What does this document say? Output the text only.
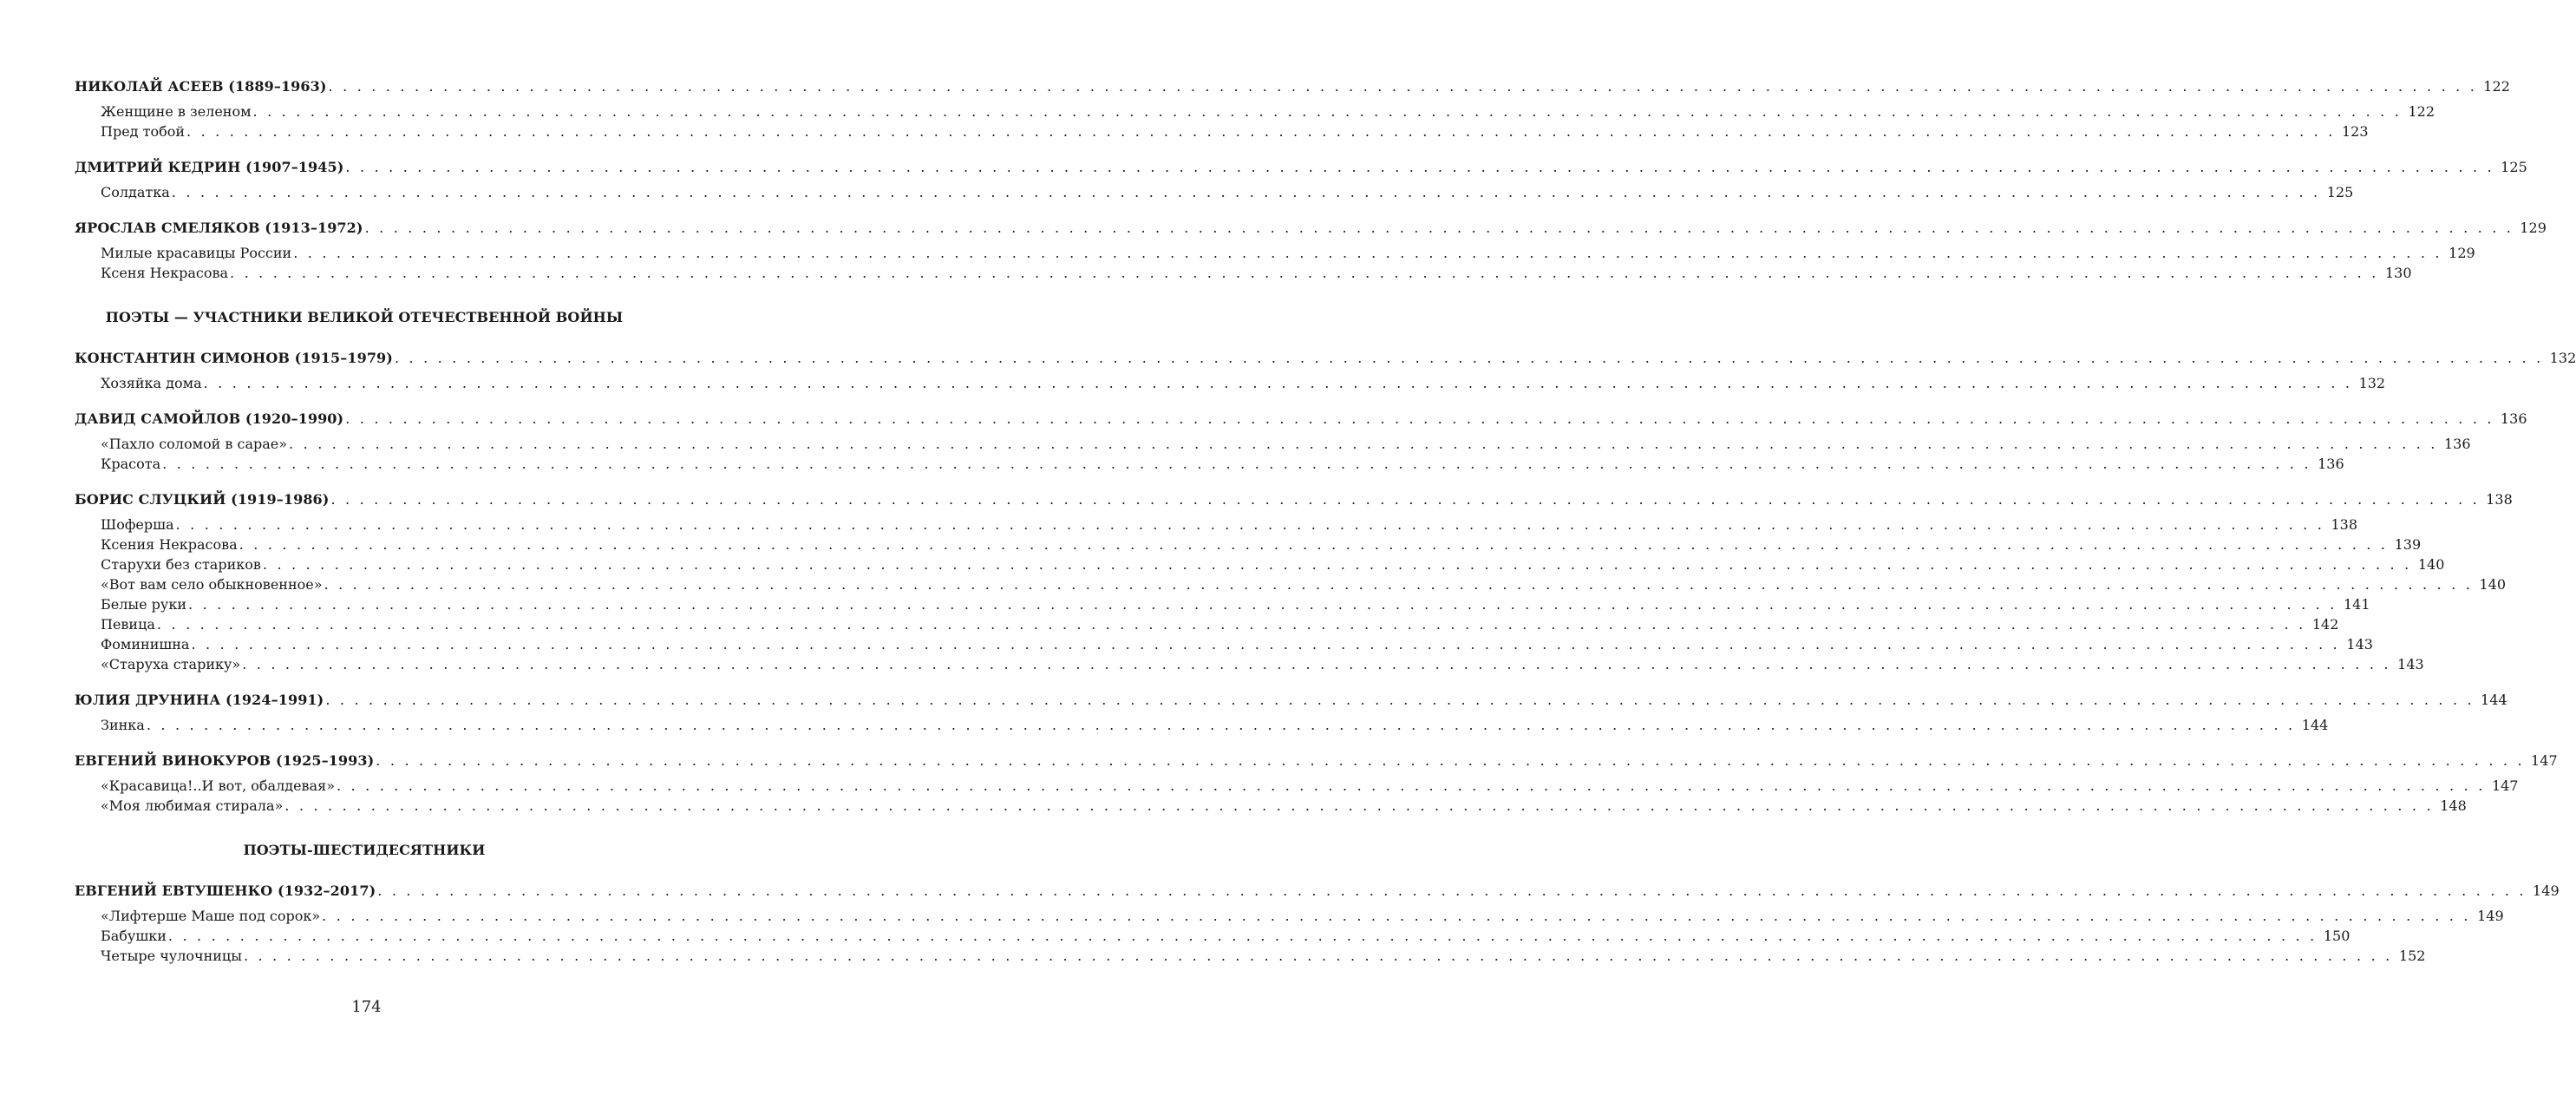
НИКОЛАЙ АСЕЕВ (1889–1963) . . . . . . . . . . . . . . . . . . . . . . . . . . . . . . . . . . . . . . . . . . . . . . . . . . . . . . . . . . . . . . . . . . . . . . . . . . . . . . . . . . . . . . . . . . . . . . . . . . . . . . . . . . . . . . . . . . . . . . . . . . . . . . . . . . . . . . . . . . . . . . . . . . . . . . 122
Женщине в зеленом . . . . . . . . . . . . . . . . . . . . . . . . . . . . . . . . . . . . . . . . . . . . . . . . . . . . . . . . . . . . . . . . . . . . . . . . . . . . . . . . . . . . . . . . . . . . . . . . . . . . . . . . . . . . . . . . . . . . . . . . . . . . . . . . . . . . . . . . . . . . . . . . . . . . . . 122
Пред тобой . . . . . . . . . . . . . . . . . . . . . . . . . . . . . . . . . . . . . . . . . . . . . . . . . . . . . . . . . . . . . . . . . . . . . . . . . . . . . . . . . . . . . . . . . . . . . . . . . . . . . . . . . . . . . . . . . . . . . . . . . . . . . . . . . . . . . . . . . . . . . . . . . . . . . . 123
ДМИТРИЙ КЕДРИН (1907–1945) . . . . . . . . . . . . . . . . . . . . . . . . . . . . . . . . . . . . . . . . . . . . . . . . . . . . . . . . . . . . . . . . . . . . . . . . . . . . . . . . . . . . . . . . . . . . . . . . . . . . . . . . . . . . . . . . . . . . . . . . . . . . . . . . . . . . . . . . . . . . . . . . . . . . . . 125
Солдатка . . . . . . . . . . . . . . . . . . . . . . . . . . . . . . . . . . . . . . . . . . . . . . . . . . . . . . . . . . . . . . . . . . . . . . . . . . . . . . . . . . . . . . . . . . . . . . . . . . . . . . . . . . . . . . . . . . . . . . . . . . . . . . . . . . . . . . . . . . . . . . . . . . . . . . 125
ЯРОСЛАВ СМЕЛЯКОВ (1913–1972) . . . . . . . . . . . . . . . . . . . . . . . . . . . . . . . . . . . . . . . . . . . . . . . . . . . . . . . . . . . . . . . . . . . . . . . . . . . . . . . . . . . . . . . . . . . . . . . . . . . . . . . . . . . . . . . . . . . . . . . . . . . . . . . . . . . . . . . . . . . . . . . . . . . . . . 129
Милые красавицы России . . . . . . . . . . . . . . . . . . . . . . . . . . . . . . . . . . . . . . . . . . . . . . . . . . . . . . . . . . . . . . . . . . . . . . . . . . . . . . . . . . . . . . . . . . . . . . . . . . . . . . . . . . . . . . . . . . . . . . . . . . . . . . . . . . . . . . . . . . . . . . . . . . . . . . 129
Ксеня Некрасова . . . . . . . . . . . . . . . . . . . . . . . . . . . . . . . . . . . . . . . . . . . . . . . . . . . . . . . . . . . . . . . . . . . . . . . . . . . . . . . . . . . . . . . . . . . . . . . . . . . . . . . . . . . . . . . . . . . . . . . . . . . . . . . . . . . . . . . . . . . . . . . . . . . . . . 130
ПОЭТЫ — УЧАСТНИКИ ВЕЛИКОЙ ОТЕЧЕСТВЕННОЙ ВОЙНЫ
КОНСТАНТИН СИМОНОВ (1915–1979) . . . . . . . . . . . . . . . . . . . . . . . . . . . . . . . . . . . . . . . . . . . . . . . . . . . . . . . . . . . . . . . . . . . . . . . . . . . . . . . . . . . . . . . . . . . . . . . . . . . . . . . . . . . . . . . . . . . . . . . . . . . . . . . . . . . . . . . . . . . . . . . . . . . . . . 132
Хозяйка дома . . . . . . . . . . . . . . . . . . . . . . . . . . . . . . . . . . . . . . . . . . . . . . . . . . . . . . . . . . . . . . . . . . . . . . . . . . . . . . . . . . . . . . . . . . . . . . . . . . . . . . . . . . . . . . . . . . . . . . . . . . . . . . . . . . . . . . . . . . . . . . . . . . . . . . 132
ДАВИД САМОЙЛОВ (1920–1990) . . . . . . . . . . . . . . . . . . . . . . . . . . . . . . . . . . . . . . . . . . . . . . . . . . . . . . . . . . . . . . . . . . . . . . . . . . . . . . . . . . . . . . . . . . . . . . . . . . . . . . . . . . . . . . . . . . . . . . . . . . . . . . . . . . . . . . . . . . . . . . . . . . . . . . 136
«Пахло соломой в сарае» . . . . . . . . . . . . . . . . . . . . . . . . . . . . . . . . . . . . . . . . . . . . . . . . . . . . . . . . . . . . . . . . . . . . . . . . . . . . . . . . . . . . . . . . . . . . . . . . . . . . . . . . . . . . . . . . . . . . . . . . . . . . . . . . . . . . . . . . . . . . . . . . . . . . . . 136
Красота . . . . . . . . . . . . . . . . . . . . . . . . . . . . . . . . . . . . . . . . . . . . . . . . . . . . . . . . . . . . . . . . . . . . . . . . . . . . . . . . . . . . . . . . . . . . . . . . . . . . . . . . . . . . . . . . . . . . . . . . . . . . . . . . . . . . . . . . . . . . . . . . . . . . . . 136
БОРИС СЛУЦКИЙ (1919–1986) . . . . . . . . . . . . . . . . . . . . . . . . . . . . . . . . . . . . . . . . . . . . . . . . . . . . . . . . . . . . . . . . . . . . . . . . . . . . . . . . . . . . . . . . . . . . . . . . . . . . . . . . . . . . . . . . . . . . . . . . . . . . . . . . . . . . . . . . . . . . . . . . . . . . . . 138
Шоферша . . . . . . . . . . . . . . . . . . . . . . . . . . . . . . . . . . . . . . . . . . . . . . . . . . . . . . . . . . . . . . . . . . . . . . . . . . . . . . . . . . . . . . . . . . . . . . . . . . . . . . . . . . . . . . . . . . . . . . . . . . . . . . . . . . . . . . . . . . . . . . . . . . . . . . 138
Ксения Некрасова . . . . . . . . . . . . . . . . . . . . . . . . . . . . . . . . . . . . . . . . . . . . . . . . . . . . . . . . . . . . . . . . . . . . . . . . . . . . . . . . . . . . . . . . . . . . . . . . . . . . . . . . . . . . . . . . . . . . . . . . . . . . . . . . . . . . . . . . . . . . . . . . . . . . . . 139
Старухи без стариков . . . . . . . . . . . . . . . . . . . . . . . . . . . . . . . . . . . . . . . . . . . . . . . . . . . . . . . . . . . . . . . . . . . . . . . . . . . . . . . . . . . . . . . . . . . . . . . . . . . . . . . . . . . . . . . . . . . . . . . . . . . . . . . . . . . . . . . . . . . . . . . . . . . . . . 140
«Вот вам село обыкновенное» . . . . . . . . . . . . . . . . . . . . . . . . . . . . . . . . . . . . . . . . . . . . . . . . . . . . . . . . . . . . . . . . . . . . . . . . . . . . . . . . . . . . . . . . . . . . . . . . . . . . . . . . . . . . . . . . . . . . . . . . . . . . . . . . . . . . . . . . . . . . . . . . . . . . . . 140
Белые руки . . . . . . . . . . . . . . . . . . . . . . . . . . . . . . . . . . . . . . . . . . . . . . . . . . . . . . . . . . . . . . . . . . . . . . . . . . . . . . . . . . . . . . . . . . . . . . . . . . . . . . . . . . . . . . . . . . . . . . . . . . . . . . . . . . . . . . . . . . . . . . . . . . . . . . 141
Певица . . . . . . . . . . . . . . . . . . . . . . . . . . . . . . . . . . . . . . . . . . . . . . . . . . . . . . . . . . . . . . . . . . . . . . . . . . . . . . . . . . . . . . . . . . . . . . . . . . . . . . . . . . . . . . . . . . . . . . . . . . . . . . . . . . . . . . . . . . . . . . . . . . . . . . 142
Фоминишна . . . . . . . . . . . . . . . . . . . . . . . . . . . . . . . . . . . . . . . . . . . . . . . . . . . . . . . . . . . . . . . . . . . . . . . . . . . . . . . . . . . . . . . . . . . . . . . . . . . . . . . . . . . . . . . . . . . . . . . . . . . . . . . . . . . . . . . . . . . . . . . . . . . . . . 143
«Старуха старику» . . . . . . . . . . . . . . . . . . . . . . . . . . . . . . . . . . . . . . . . . . . . . . . . . . . . . . . . . . . . . . . . . . . . . . . . . . . . . . . . . . . . . . . . . . . . . . . . . . . . . . . . . . . . . . . . . . . . . . . . . . . . . . . . . . . . . . . . . . . . . . . . . . . . . . 143
ЮЛИЯ ДРУНИНА (1924–1991) . . . . . . . . . . . . . . . . . . . . . . . . . . . . . . . . . . . . . . . . . . . . . . . . . . . . . . . . . . . . . . . . . . . . . . . . . . . . . . . . . . . . . . . . . . . . . . . . . . . . . . . . . . . . . . . . . . . . . . . . . . . . . . . . . . . . . . . . . . . . . . . . . . . . . . 144
Зинка . . . . . . . . . . . . . . . . . . . . . . . . . . . . . . . . . . . . . . . . . . . . . . . . . . . . . . . . . . . . . . . . . . . . . . . . . . . . . . . . . . . . . . . . . . . . . . . . . . . . . . . . . . . . . . . . . . . . . . . . . . . . . . . . . . . . . . . . . . . . . . . . . . . . . . 144
ЕВГЕНИЙ ВИНОКУРОВ (1925–1993) . . . . . . . . . . . . . . . . . . . . . . . . . . . . . . . . . . . . . . . . . . . . . . . . . . . . . . . . . . . . . . . . . . . . . . . . . . . . . . . . . . . . . . . . . . . . . . . . . . . . . . . . . . . . . . . . . . . . . . . . . . . . . . . . . . . . . . . . . . . . . . . . . . . . . . 147
«Красавица!..И вот, обалдевая» . . . . . . . . . . . . . . . . . . . . . . . . . . . . . . . . . . . . . . . . . . . . . . . . . . . . . . . . . . . . . . . . . . . . . . . . . . . . . . . . . . . . . . . . . . . . . . . . . . . . . . . . . . . . . . . . . . . . . . . . . . . . . . . . . . . . . . . . . . . . . . . . . . . . . . 147
«Моя любимая стирала» . . . . . . . . . . . . . . . . . . . . . . . . . . . . . . . . . . . . . . . . . . . . . . . . . . . . . . . . . . . . . . . . . . . . . . . . . . . . . . . . . . . . . . . . . . . . . . . . . . . . . . . . . . . . . . . . . . . . . . . . . . . . . . . . . . . . . . . . . . . . . . . . . . . . . . 148
ПОЭТЫ-ШЕСТИДЕСЯТНИКИ
ЕВГЕНИЙ ЕВТУШЕНКО (1932–2017) . . . . . . . . . . . . . . . . . . . . . . . . . . . . . . . . . . . . . . . . . . . . . . . . . . . . . . . . . . . . . . . . . . . . . . . . . . . . . . . . . . . . . . . . . . . . . . . . . . . . . . . . . . . . . . . . . . . . . . . . . . . . . . . . . . . . . . . . . . . . . . . . . . . . . . 149
«Лифтерше Маше под сорок» . . . . . . . . . . . . . . . . . . . . . . . . . . . . . . . . . . . . . . . . . . . . . . . . . . . . . . . . . . . . . . . . . . . . . . . . . . . . . . . . . . . . . . . . . . . . . . . . . . . . . . . . . . . . . . . . . . . . . . . . . . . . . . . . . . . . . . . . . . . . . . . . . . . . . . 149
Бабушки . . . . . . . . . . . . . . . . . . . . . . . . . . . . . . . . . . . . . . . . . . . . . . . . . . . . . . . . . . . . . . . . . . . . . . . . . . . . . . . . . . . . . . . . . . . . . . . . . . . . . . . . . . . . . . . . . . . . . . . . . . . . . . . . . . . . . . . . . . . . . . . . . . . . . . 150
Четыре чулочницы . . . . . . . . . . . . . . . . . . . . . . . . . . . . . . . . . . . . . . . . . . . . . . . . . . . . . . . . . . . . . . . . . . . . . . . . . . . . . . . . . . . . . . . . . . . . . . . . . . . . . . . . . . . . . . . . . . . . . . . . . . . . . . . . . . . . . . . . . . . . . . . . . . . . . . 152
174
